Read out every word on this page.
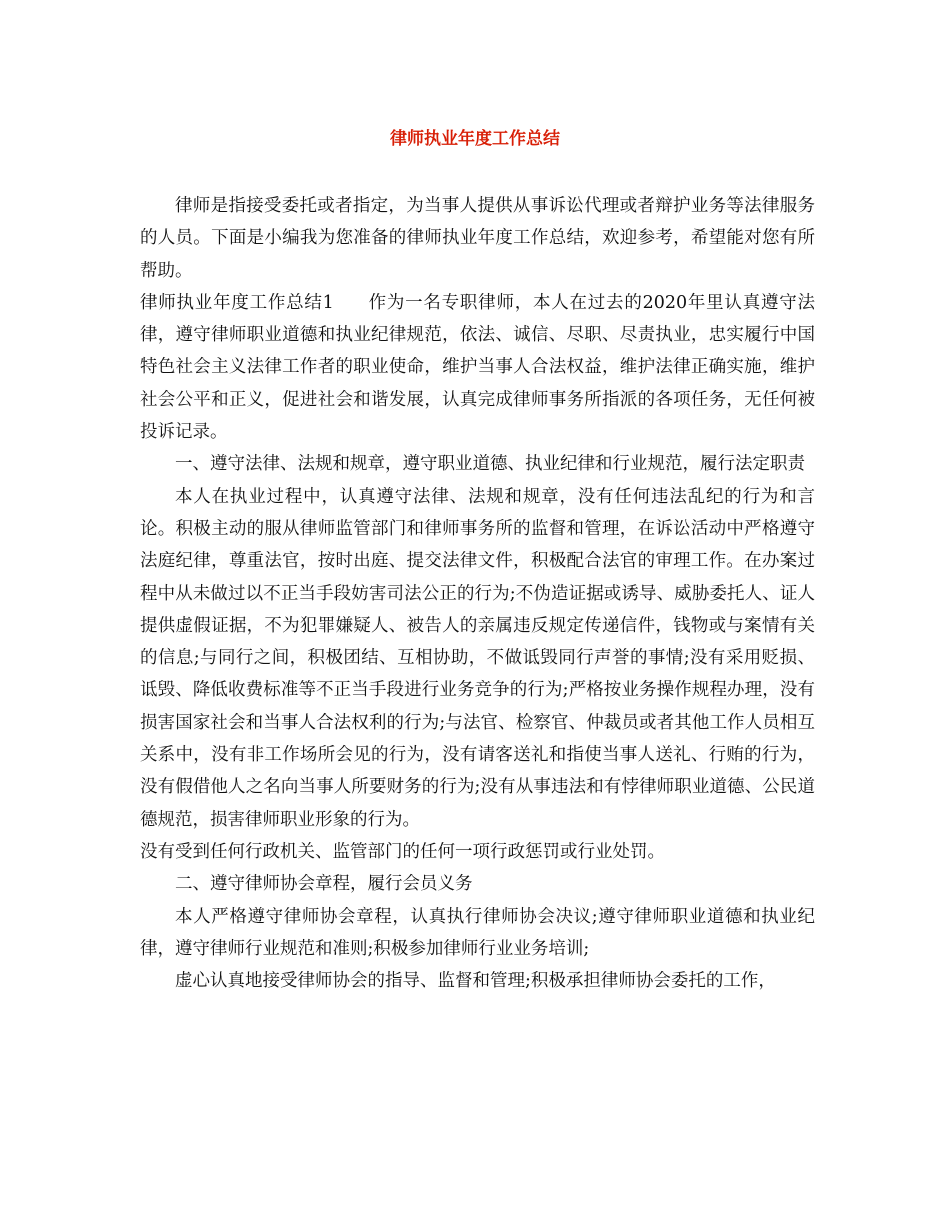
律师执业年度工作总结

律师是指接受委托或者指定，为当事人提供从事诉讼代理或者辩护业务等法律服务的人员。下面是小编我为您准备的律师执业年度工作总结，欢迎参考，希望能对您有所帮助。

律师执业年度工作总结1 作为一名专职律师，本人在过去的2020年里认真遵守法律，遵守律师职业道德和执业纪律规范，依法、诚信、尽职、尽责执业，忠实履行中国特色社会主义法律工作者的职业使命，维护当事人合法权益，维护法律正确实施，维护社会公平和正义，促进社会和谐发展，认真完成律师事务所指派的各项任务，无任何被投诉记录。

一、遵守法律、法规和规章，遵守职业道德、执业纪律和行业规范，履行法定职责

本人在执业过程中，认真遵守法律、法规和规章，没有任何违法乱纪的行为和言论。积极主动的服从律师监管部门和律师事务所的监督和管理，在诉讼活动中严格遵守法庭纪律，尊重法官，按时出庭、提交法律文件，积极配合法官的审理工作。在办案过程中从未做过以不正当手段妨害司法公正的行为;不伪造证据或诱导、威胁委托人、证人提供虚假证据，不为犯罪嫌疑人、被告人的亲属违反规定传递信件，钱物或与案情有关的信息;与同行之间，积极团结、互相协助，不做诋毁同行声誉的事情;没有采用贬损、诋毁、降低收费标准等不正当手段进行业务竞争的行为;严格按业务操作规程办理，没有损害国家社会和当事人合法权利的行为;与法官、检察官、仲裁员或者其他工作人员相互关系中，没有非工作场所会见的行为，没有请客送礼和指使当事人送礼、行贿的行为，没有假借他人之名向当事人所要财务的行为;没有从事违法和有悖律师职业道德、公民道德规范，损害律师职业形象的行为。

没有受到任何行政机关、监管部门的任何一项行政惩罚或行业处罚。

二、遵守律师协会章程，履行会员义务

本人严格遵守律师协会章程，认真执行律师协会决议;遵守律师职业道德和执业纪律，遵守律师行业规范和准则;积极参加律师行业业务培训;

虚心认真地接受律师协会的指导、监督和管理;积极承担律师协会委托的工作，
